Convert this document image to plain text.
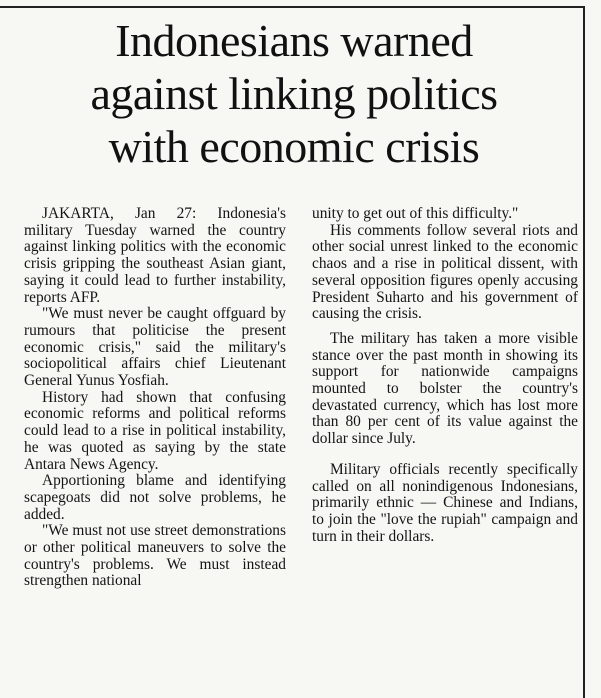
Indonesians warned
against linking politics
with economic crisis

JAKARTA, Jan 27: Indonesia's military Tuesday warned the country against linking politics with the economic crisis gripping the southeast Asian giant, saying it could lead to further instability, reports AFP.

"We must never be caught offguard by rumours that politicise the present economic crisis," said the military's sociopolitical affairs chief Lieutenant General Yunus Yosfiah.

History had shown that confusing economic reforms and political reforms could lead to a rise in political instability, he was quoted as saying by the state Antara News Agency.

Apportioning blame and identifying scapegoats did not solve problems, he added.

"We must not use street demonstrations or other political maneuvers to solve the country's problems. We must instead strengthen national

unity to get out of this difficulty."

His comments follow several riots and other social unrest linked to the economic chaos and a rise in political dissent, with several opposition figures openly accusing President Suharto and his government of causing the crisis.

The military has taken a more visible stance over the past month in showing its support for nationwide campaigns mounted to bolster the country's devastated currency, which has lost more than 80 per cent of its value against the dollar since July.

Military officials recently specifically called on all nonindigenous Indonesians, primarily ethnic — Chinese and Indians, to join the "love the rupiah" campaign and turn in their dollars.
